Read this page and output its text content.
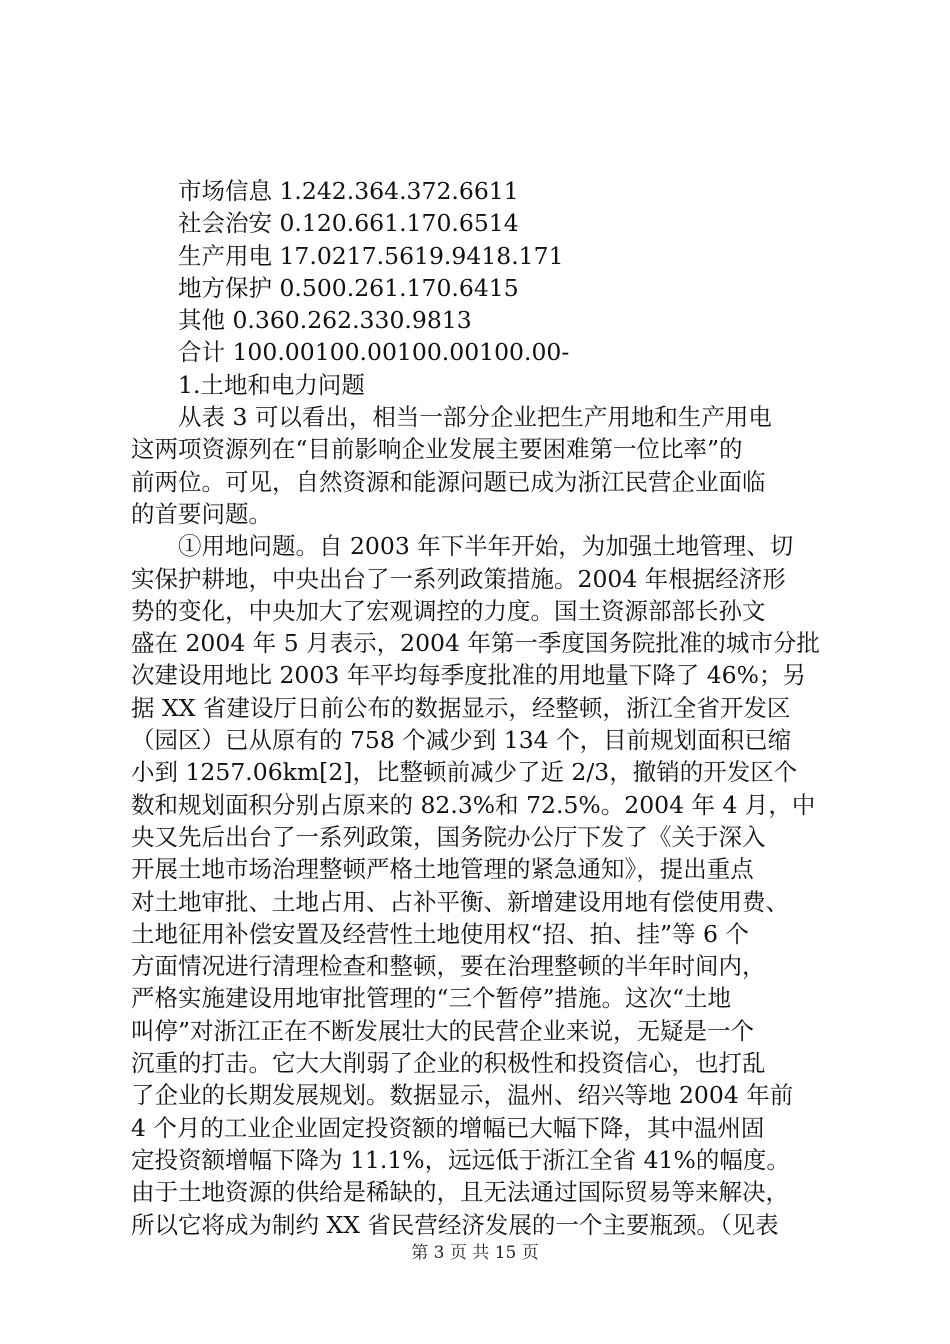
市场信息 1.242.364.372.6611
社会治安 0.120.661.170.6514
生产用电 17.0217.5619.9418.171
地方保护 0.500.261.170.6415
其他 0.360.262.330.9813
合计 100.00100.00100.00100.00-
1.土地和电力问题
从表 3 可以看出，相当一部分企业把生产用地和生产用电
这两项资源列在“目前影响企业发展主要困难第一位比率”的
前两位。可见，自然资源和能源问题已成为浙江民营企业面临
的首要问题。
①用地问题。自 2003 年下半年开始，为加强土地管理、切
实保护耕地，中央出台了一系列政策措施。2004 年根据经济形
势的变化，中央加大了宏观调控的力度。国土资源部部长孙文
盛在 2004 年 5 月表示，2004 年第一季度国务院批准的城市分批
次建设用地比 2003 年平均每季度批准的用地量下降了 46%；另
据 XX 省建设厅日前公布的数据显示，经整顿，浙江全省开发区
（园区）已从原有的 758 个减少到 134 个，目前规划面积已缩
小到 1257.06km[2]，比整顿前减少了近 2/3，撤销的开发区个
数和规划面积分别占原来的 82.3%和 72.5%。2004 年 4 月，中
央又先后出台了一系列政策，国务院办公厅下发了《关于深入
开展土地市场治理整顿严格土地管理的紧急通知》，提出重点
对土地审批、土地占用、占补平衡、新增建设用地有偿使用费、
土地征用补偿安置及经营性土地使用权“招、拍、挂”等 6 个
方面情况进行清理检查和整顿，要在治理整顿的半年时间内，
严格实施建设用地审批管理的“三个暂停”措施。这次“土地
叫停”对浙江正在不断发展壮大的民营企业来说，无疑是一个
沉重的打击。它大大削弱了企业的积极性和投资信心，也打乱
了企业的长期发展规划。数据显示，温州、绍兴等地 2004 年前
4 个月的工业企业固定投资额的增幅已大幅下降，其中温州固
定投资额增幅下降为 11.1%，远远低于浙江全省 41%的幅度。
由于土地资源的供给是稀缺的，且无法通过国际贸易等来解决，
所以它将成为制约 XX 省民营经济发展的一个主要瓶颈。（见表
第 3 页 共 15 页
